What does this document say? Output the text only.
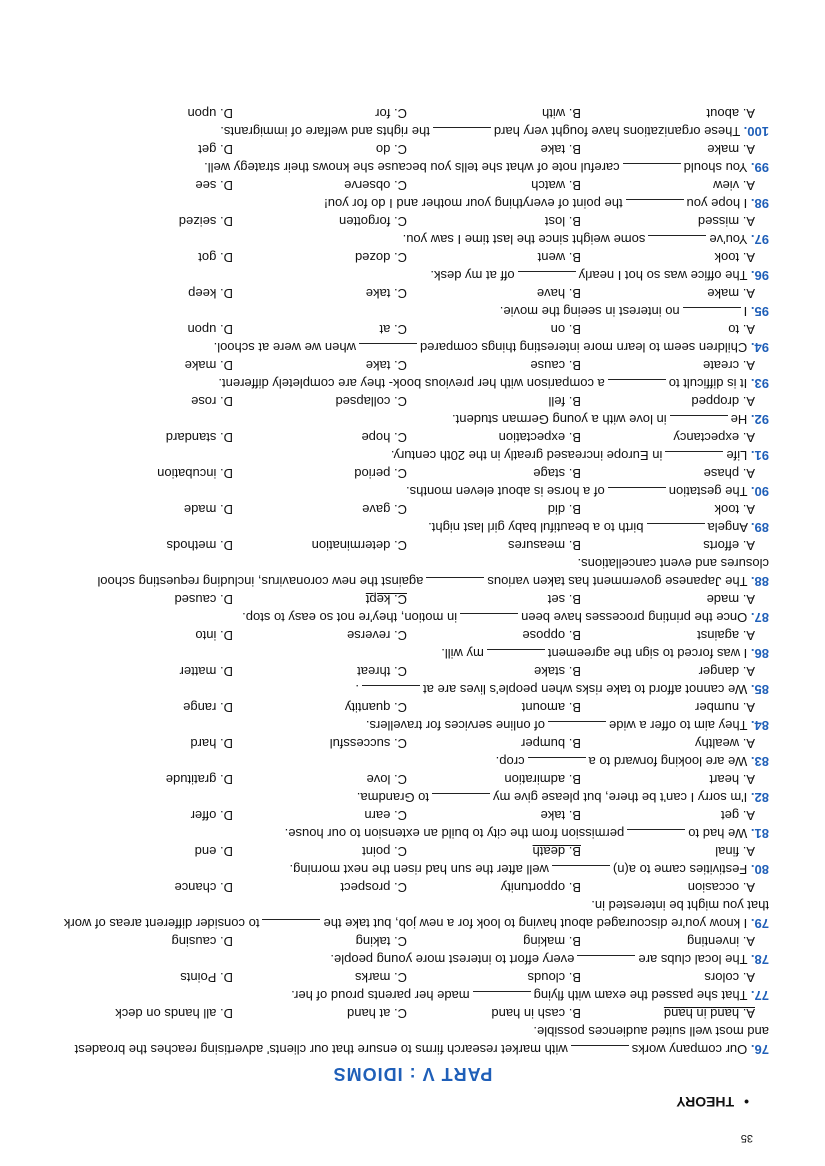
35
•THEORY
PART V : IDIOMS
76. Our company workswith market research firms to ensure that our clients' advertising reaches the broadest and most well suited audiences possible.
A. hand in hand
B. cash in hand
C. at hand
D. all hands on deck
77. That she passed the exam with flyingmade her parents proud of her.
A. colors
B. clouds
C. marks
D. Points
78. The local clubs areevery effort to interest more young people.
A. inventing
B. making
C. taking
D. causing
79. I know you're discouraged about having to look for a new job, but take theto consider different areas of work that you might be interested in.
A. occasion
B. opportunity
C. prospect
D. chance
80. Festivities came to a(n)well after the sun had risen the next morning.
A. final
B. death
C. point
D. end
81. We had topermission from the city to build an extension to our house.
A. get
B. take
C. earn
D. offer
82. I'm sorry I can't be there, but please give myto Grandma.
A. heart
B. admiration
C. love
D. gratitude
83. We are looking forward to acrop.
A. wealthy
B. bumper
C. successful
D. hard
84. They aim to offer a wideof online services for travellers.
A. number
B. amount
C. quantity
D. range
85. We cannot afford to take risks when people's lives are at.
A. danger
B. stake
C. threat
D. matter
86. I was forced to sign the agreementmy will.
A. against
B. oppose
C. reverse
D. into
87. Once the printing processes have beenin motion, they're not so easy to stop.
A. made
B. set
C. kept
D. caused
88. The Japanese government has taken variousagainst the new coronavirus, including requesting school closures and event cancellations.
A. efforts
B. measures
C. determination
D. methods
89. Angelabirth to a beautiful baby girl last night.
A. took
B. did
C. gave
D. made
90. The gestationof a horse is about eleven months.
A. phase
B. stage
C. period
D. incubation
91. Lifein Europe increased greatly in the 20th century.
A. expectancy
B. expectation
C. hope
D. standard
92. Hein love with a young German student.
A. dropped
B. fell
C. collapsed
D. rose
93. It is difficult toa comparison with her previous book- they are completely different.
A. create
B. cause
C. take
D. make
94. Children seem to learn more interesting things comparedwhen we were at school.
A. to
B. on
C. at
D. upon
95. Ino interest in seeing the movie.
A. make
B. have
C. take
D. keep
96. The office was so hot I nearlyoff at my desk.
A. took
B. went
C. dozed
D. got
97. You'vesome weight since the last time I saw you.
A. missed
B. lost
C. forgotten
D. seized
98. I hope youthe point of everything your mother and I do for you!
A. view
B. watch
C. observe
D. see
99. You shouldcareful note of what she tells you because she knows their strategy well.
A. make
B. take
C. do
D. get
100. These organizations have fought very hardthe rights and welfare of immigrants.
A. about
B. with
C. for
D. upon
